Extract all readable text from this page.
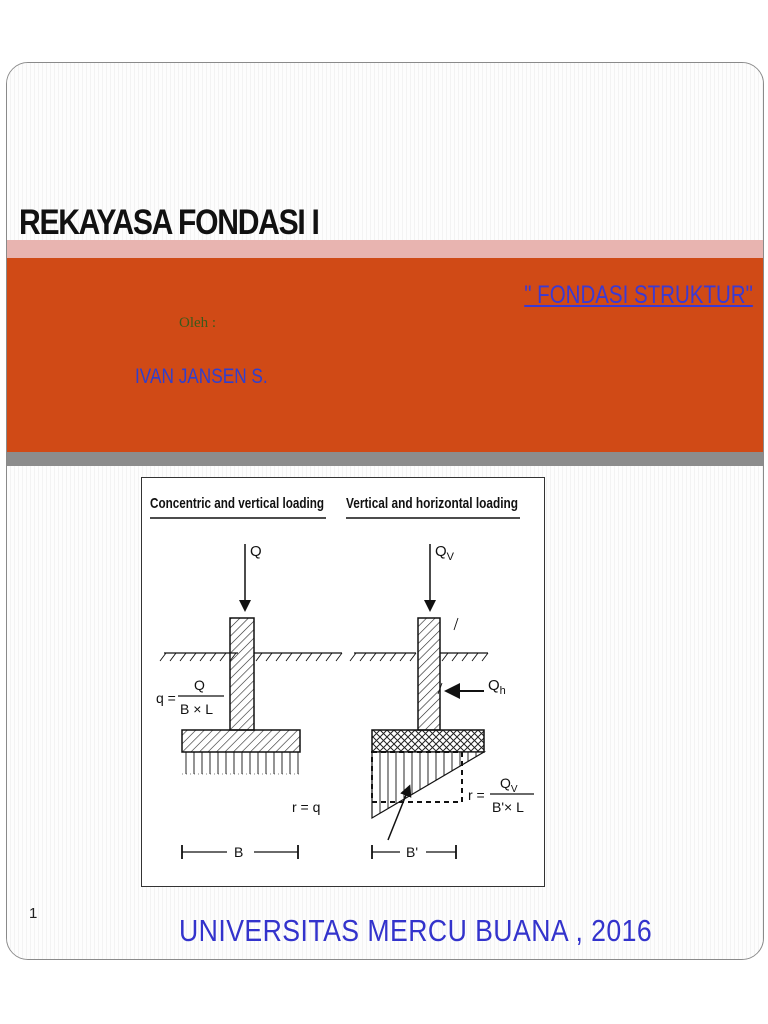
REKAYASA FONDASI I
" FONDASI STRUKTUR"
Oleh :
IVAN JANSEN S.
Concentric and vertical loading Vertical and horizontal loading
Q
q =
Q
B × L
r = q
B
$Q_V$
$Q_h$
r =
$Q_V$
B'× L
B'
1	UNIVERSITAS MERCU BUANA , 2016
